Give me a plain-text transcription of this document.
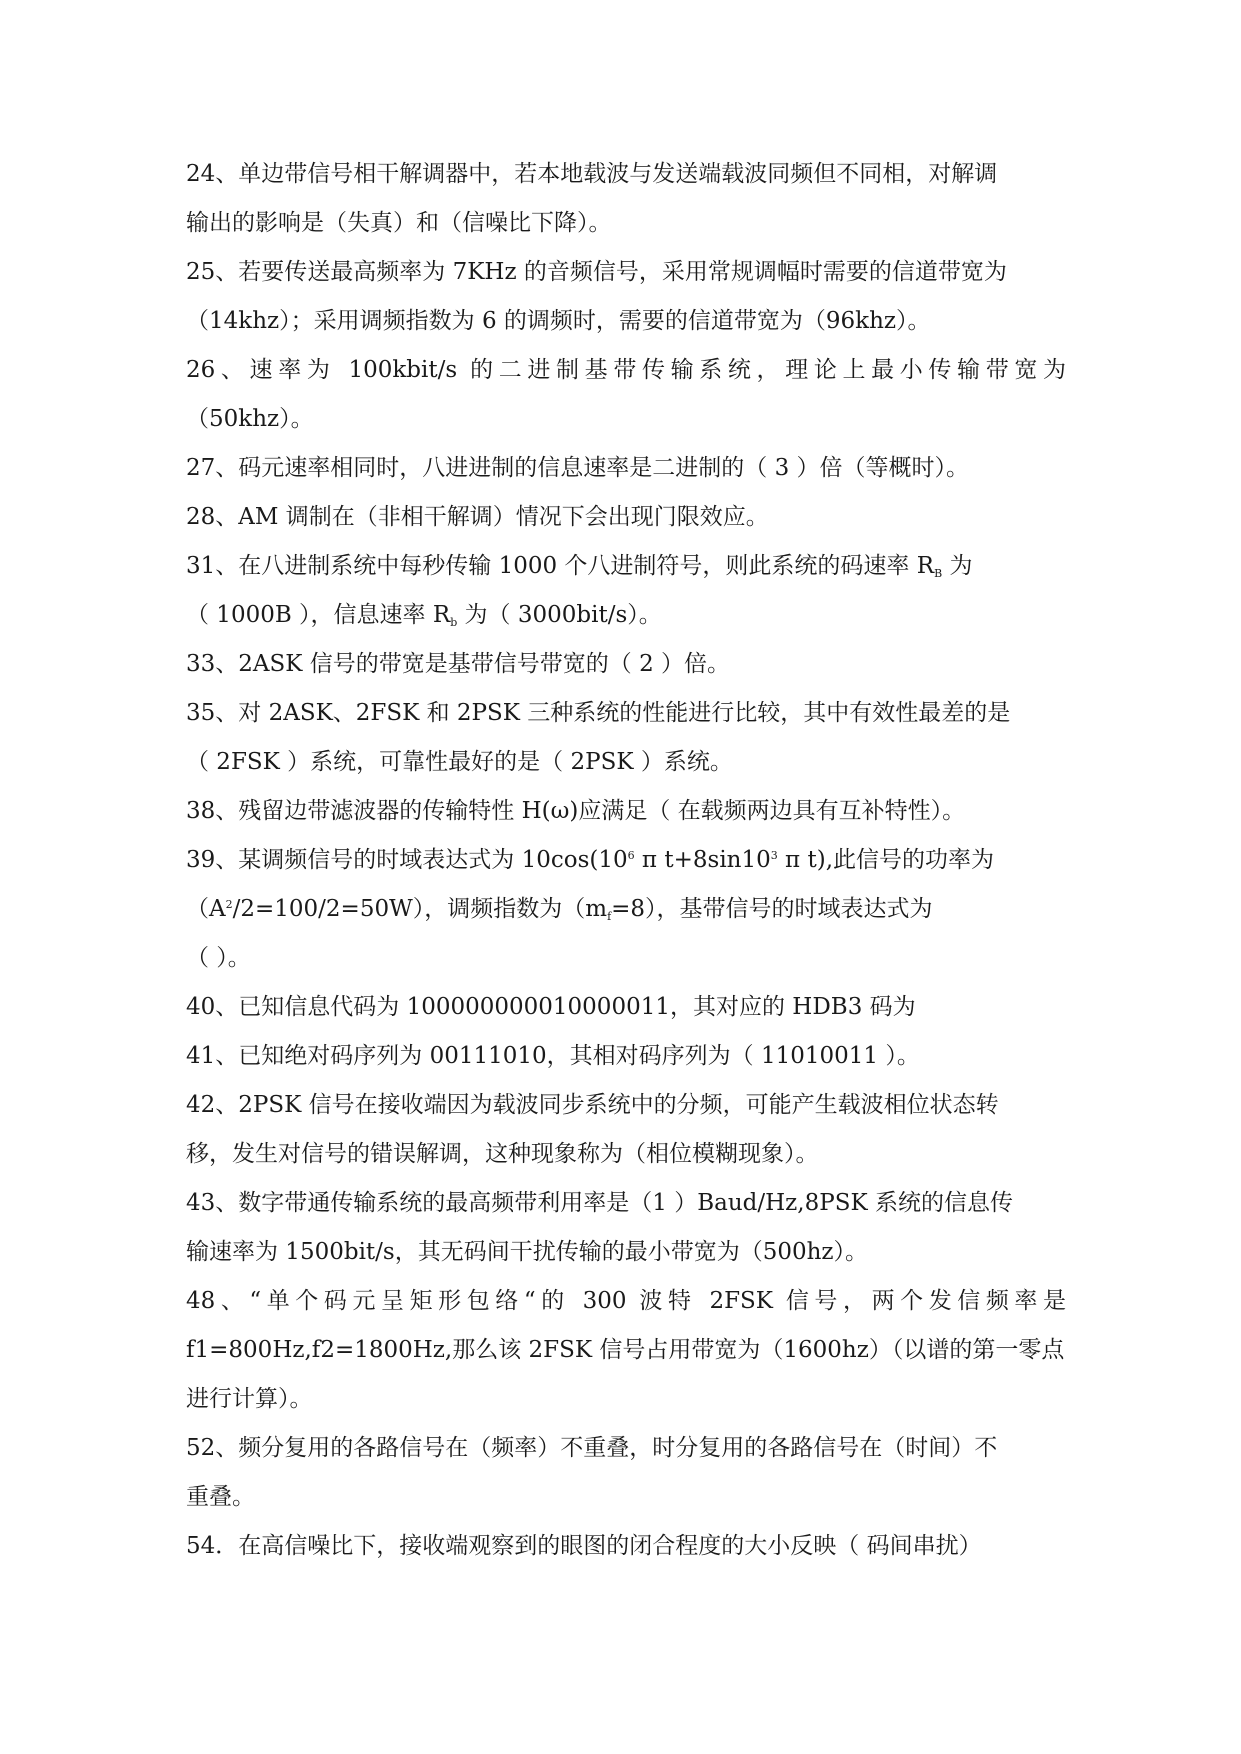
24、单边带信号相干解调器中，若本地载波与发送端载波同频但不同相，对解调
输出的影响是（失真）和（信噪比下降）。
25、若要传送最高频率为 7KHz 的音频信号，采用常规调幅时需要的信道带宽为
（14khz）；采用调频指数为 6 的调频时，需要的信道带宽为（96khz）。
26、速率为 100kbit/s 的二进制基带传输系统，理论上最小传输带宽为
（50khz）。
27、码元速率相同时，八进进制的信息速率是二进制的（ 3 ）倍（等概时）。
28、AM 调制在（非相干解调）情况下会出现门限效应。
31、在八进制系统中每秒传输 1000 个八进制符号，则此系统的码速率 $R_B$ 为
（ 1000B ），信息速率 $R_b$ 为（ 3000bit/s）。
33、2ASK 信号的带宽是基带信号带宽的（ 2 ）倍。
35、对 2ASK、2FSK 和 2PSK 三种系统的性能进行比较，其中有效性最差的是
（ 2FSK ）系统，可靠性最好的是（ 2PSK ）系统。
38、残留边带滤波器的传输特性 H(ω)应满足（ 在载频两边具有互补特性）。
39、某调频信号的时域表达式为 $10\cos(10^6$ π $t+8\sin 10^3$ π t),此信号的功率为
$(A^2/2=100/2=50W)$，调频指数为$(m_f=8)$，基带信号的时域表达式为
（ ）。
40、已知信息代码为 100000000010000011，其对应的 HDB3 码为
41、已知绝对码序列为 00111010，其相对码序列为（ 11010011 ）。
42、2PSK 信号在接收端因为载波同步系统中的分频，可能产生载波相位状态转
移，发生对信号的错误解调，这种现象称为（相位模糊现象）。
43、数字带通传输系统的最高频带利用率是（1 ）Baud/Hz,8PSK 系统的信息传
输速率为 1500bit/s，其无码间干扰传输的最小带宽为（500hz）。
48、“单个码元呈矩形包络“的 300 波特 2FSK 信号，两个发信频率是
f1=800Hz,f2=1800Hz,那么该 2FSK 信号占用带宽为（1600hz）（以谱的第一零点
进行计算）。
52、频分复用的各路信号在（频率）不重叠，时分复用的各路信号在（时间）不
重叠。
54．在高信噪比下，接收端观察到的眼图的闭合程度的大小反映（ 码间串扰）
